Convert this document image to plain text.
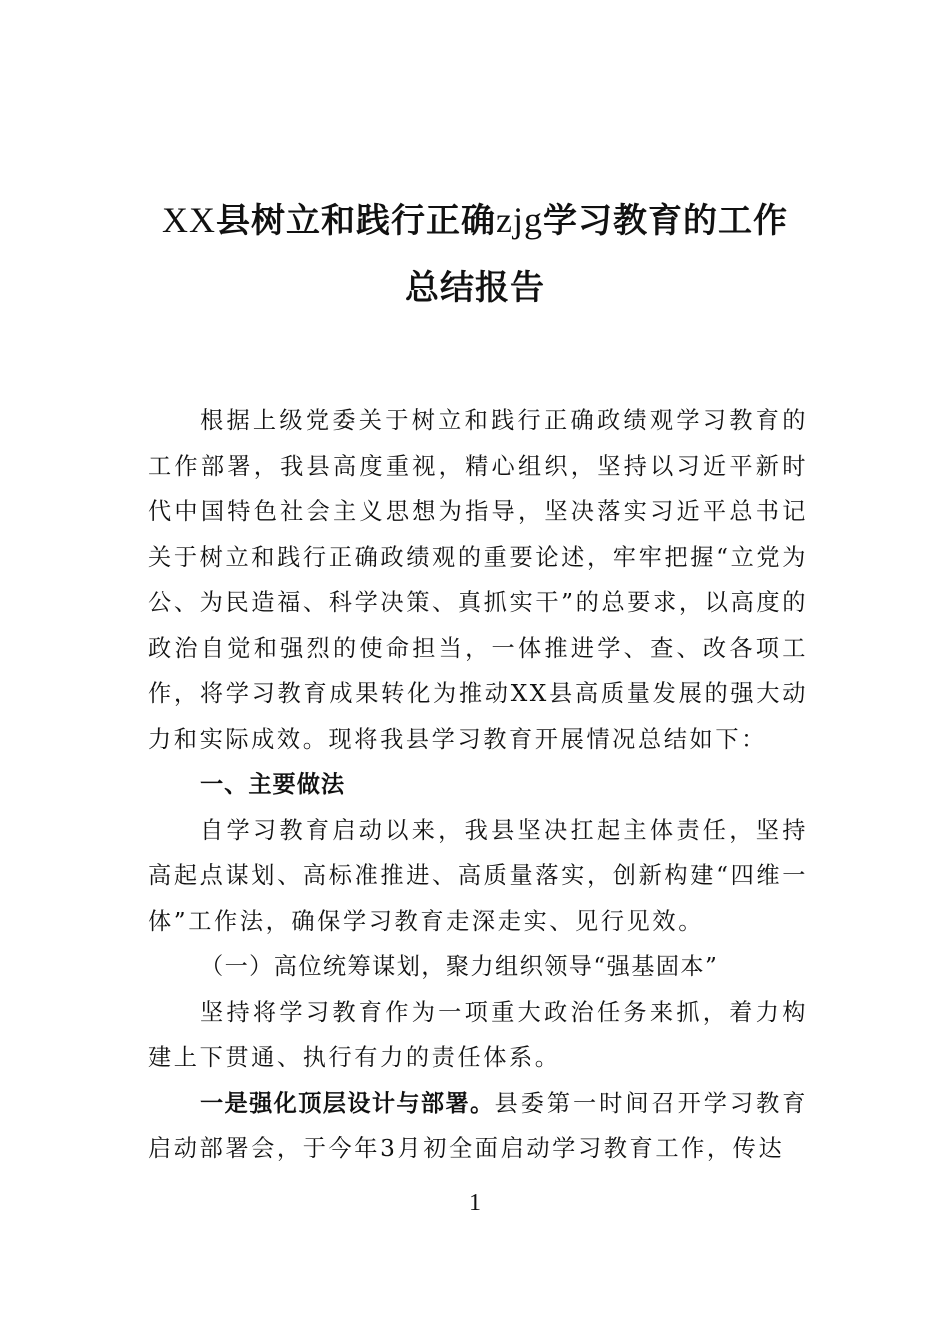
XX县树立和践行正确zjg学习教育的工作
总结报告

根据上级党委关于树立和践行正确政绩观学习教育的工作部署，我县高度重视，精心组织，坚持以习近平新时代中国特色社会主义思想为指导，坚决落实习近平总书记关于树立和践行正确政绩观的重要论述，牢牢把握“立党为公、为民造福、科学决策、真抓实干”的总要求，以高度的政治自觉和强烈的使命担当，一体推进学、查、改各项工作，将学习教育成果转化为推动XX县高质量发展的强大动力和实际成效。现将我县学习教育开展情况总结如下：

一、主要做法

自学习教育启动以来，我县坚决扛起主体责任，坚持高起点谋划、高标准推进、高质量落实，创新构建“四维一体”工作法，确保学习教育走深走实、见行见效。

（一）高位统筹谋划，聚力组织领导“强基固本”

坚持将学习教育作为一项重大政治任务来抓，着力构建上下贯通、执行有力的责任体系。

一是强化顶层设计与部署。县委第一时间召开学习教育启动部署会，于今年3月初全面启动学习教育工作，传达

1
